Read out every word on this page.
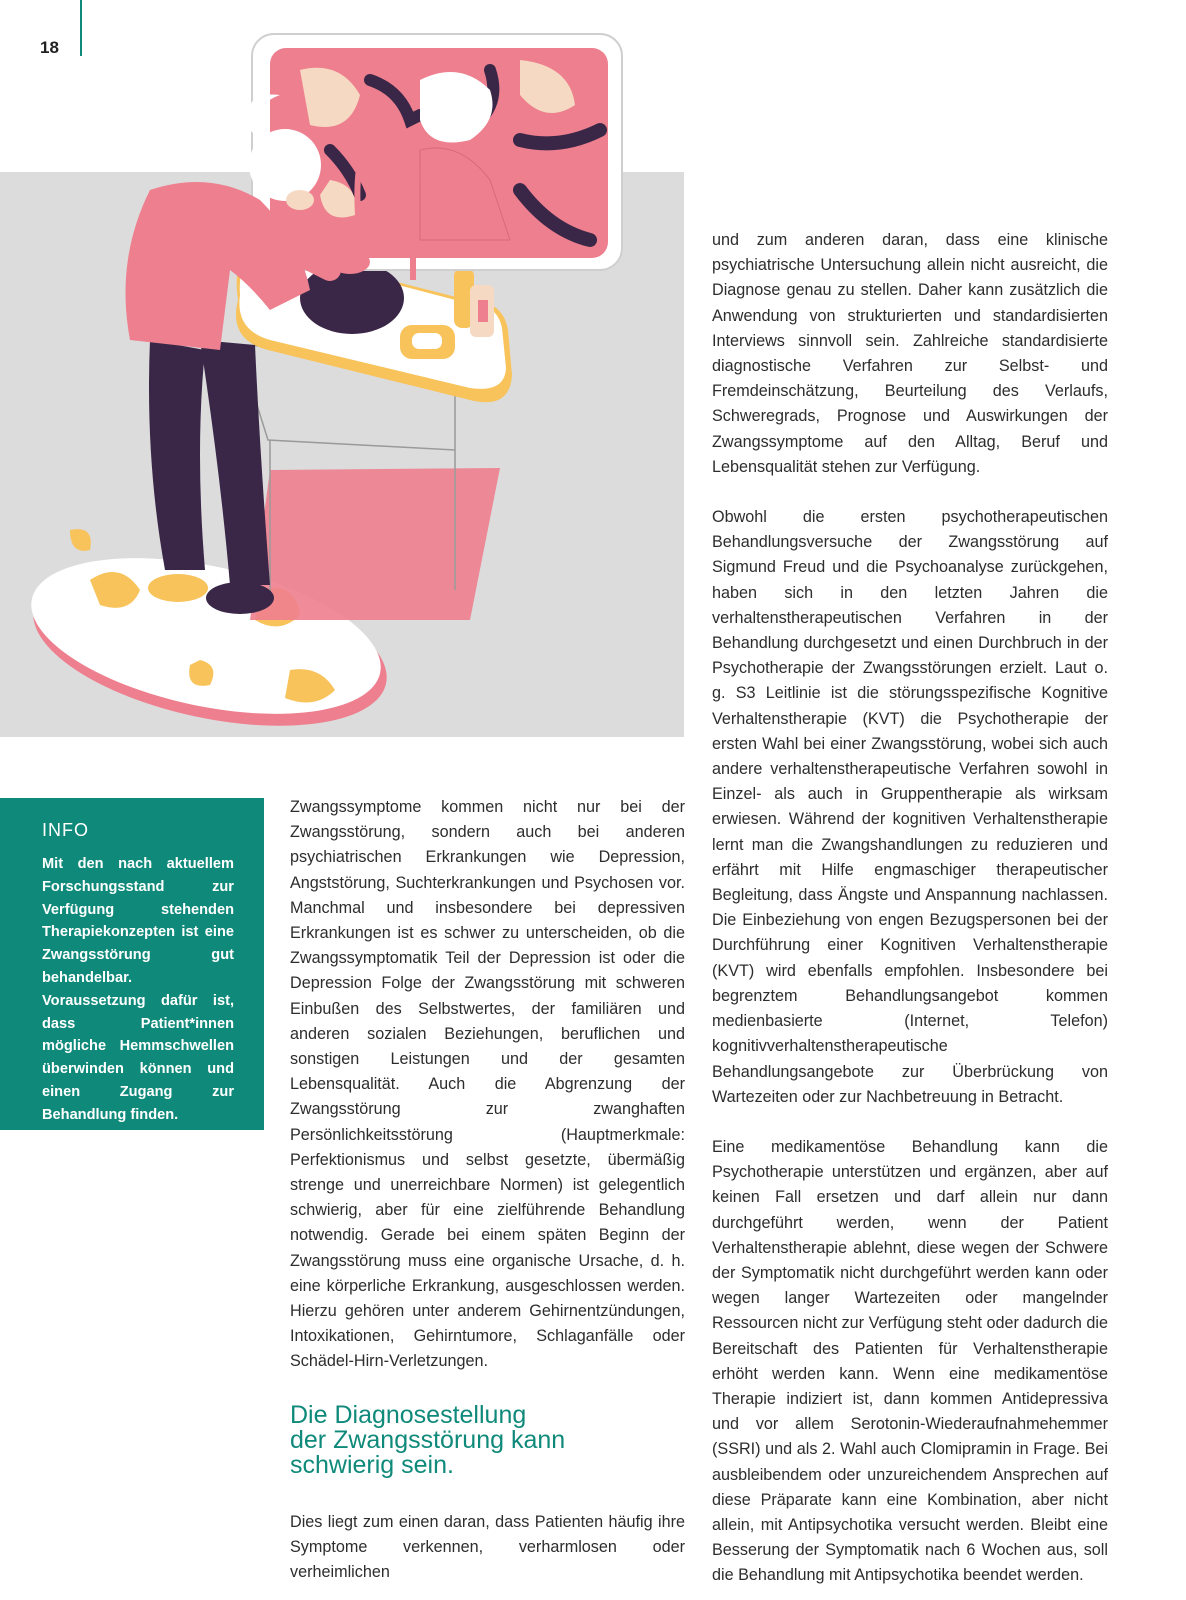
18
INFO
Mit den nach aktuellem Forschungsstand zur Verfügung stehenden Therapiekonzepten ist eine Zwangsstörung gut behandelbar. Voraussetzung dafür ist, dass Patient*innen mögliche Hemmschwellen überwinden können und einen Zugang zur Behandlung finden.

Zwangssymptome kommen nicht nur bei der Zwangsstörung, sondern auch bei anderen psychiatrischen Erkrankungen wie Depression, Angststörung, Suchterkrankungen und Psychosen vor. Manchmal und insbesondere bei depressiven Erkrankungen ist es schwer zu unterscheiden, ob die Zwangssymptomatik Teil der Depression ist oder die Depression Folge der Zwangsstörung mit schweren Einbußen des Selbstwertes, der familiären und anderen sozialen Beziehungen, beruflichen und sonstigen Leistungen und der gesamten Lebensqualität. Auch die Abgrenzung der Zwangsstörung zur zwanghaften Persönlichkeitsstörung (Hauptmerkmale: Perfektionismus und selbst gesetzte, übermäßig strenge und unerreichbare Normen) ist gelegentlich schwierig, aber für eine zielführende Behandlung notwendig. Gerade bei einem späten Beginn der Zwangsstörung muss eine organische Ursache, d. h. eine körperliche Erkrankung, ausgeschlossen werden. Hierzu gehören unter anderem Gehirnentzündungen, Intoxikationen, Gehirntumore, Schlaganfälle oder Schädel-Hirn-Verletzungen.

Die Diagnosestellung
der Zwangsstörung kann
schwierig sein.

Dies liegt zum einen daran, dass Patienten häufig ihre Symptome verkennen, verharmlosen oder verheimlichen

und zum anderen daran, dass eine klinische psychiatrische Untersuchung allein nicht ausreicht, die Diagnose genau zu stellen. Daher kann zusätzlich die Anwendung von strukturierten und standardisierten Interviews sinnvoll sein. Zahlreiche standardisierte diagnostische Verfahren zur Selbst- und Fremdeinschätzung, Beurteilung des Verlaufs, Schweregrads, Prognose und Auswirkungen der Zwangssymptome auf den Alltag, Beruf und Lebensqualität stehen zur Verfügung.

Obwohl die ersten psychotherapeutischen Behandlungsversuche der Zwangsstörung auf Sigmund Freud und die Psychoanalyse zurückgehen, haben sich in den letzten Jahren die verhaltenstherapeutischen Verfahren in der Behandlung durchgesetzt und einen Durchbruch in der Psychotherapie der Zwangsstörungen erzielt. Laut o. g. S3 Leitlinie ist die störungsspezifische Kognitive Verhaltenstherapie (KVT) die Psychotherapie der ersten Wahl bei einer Zwangsstörung, wobei sich auch andere verhaltenstherapeutische Verfahren sowohl in Einzel- als auch in Gruppentherapie als wirksam erwiesen. Während der kognitiven Verhaltenstherapie lernt man die Zwangshandlungen zu reduzieren und erfährt mit Hilfe engmaschiger therapeutischer Begleitung, dass Ängste und Anspannung nachlassen. Die Einbeziehung von engen Bezugspersonen bei der Durchführung einer Kognitiven Verhaltenstherapie (KVT) wird ebenfalls empfohlen. Insbesondere bei begrenztem Behandlungsangebot kommen medienbasierte (Internet, Telefon) kognitivverhaltenstherapeutische Behandlungsangebote zur Überbrückung von Wartezeiten oder zur Nachbetreuung in Betracht.

Eine medikamentöse Behandlung kann die Psychotherapie unterstützen und ergänzen, aber auf keinen Fall ersetzen und darf allein nur dann durchgeführt werden, wenn der Patient Verhaltenstherapie ablehnt, diese wegen der Schwere der Symptomatik nicht durchgeführt werden kann oder wegen langer Wartezeiten oder mangelnder Ressourcen nicht zur Verfügung steht oder dadurch die Bereitschaft des Patienten für Verhaltenstherapie erhöht werden kann. Wenn eine medikamentöse Therapie indiziert ist, dann kommen Antidepressiva und vor allem Serotonin-Wiederaufnahmehemmer (SSRI) und als 2. Wahl auch Clomipramin in Frage. Bei ausbleibendem oder unzureichendem Ansprechen auf diese Präparate kann eine Kombination, aber nicht allein, mit Antipsychotika versucht werden. Bleibt eine Besserung der Symptomatik nach 6 Wochen aus, soll die Behandlung mit Antipsychotika beendet werden.
